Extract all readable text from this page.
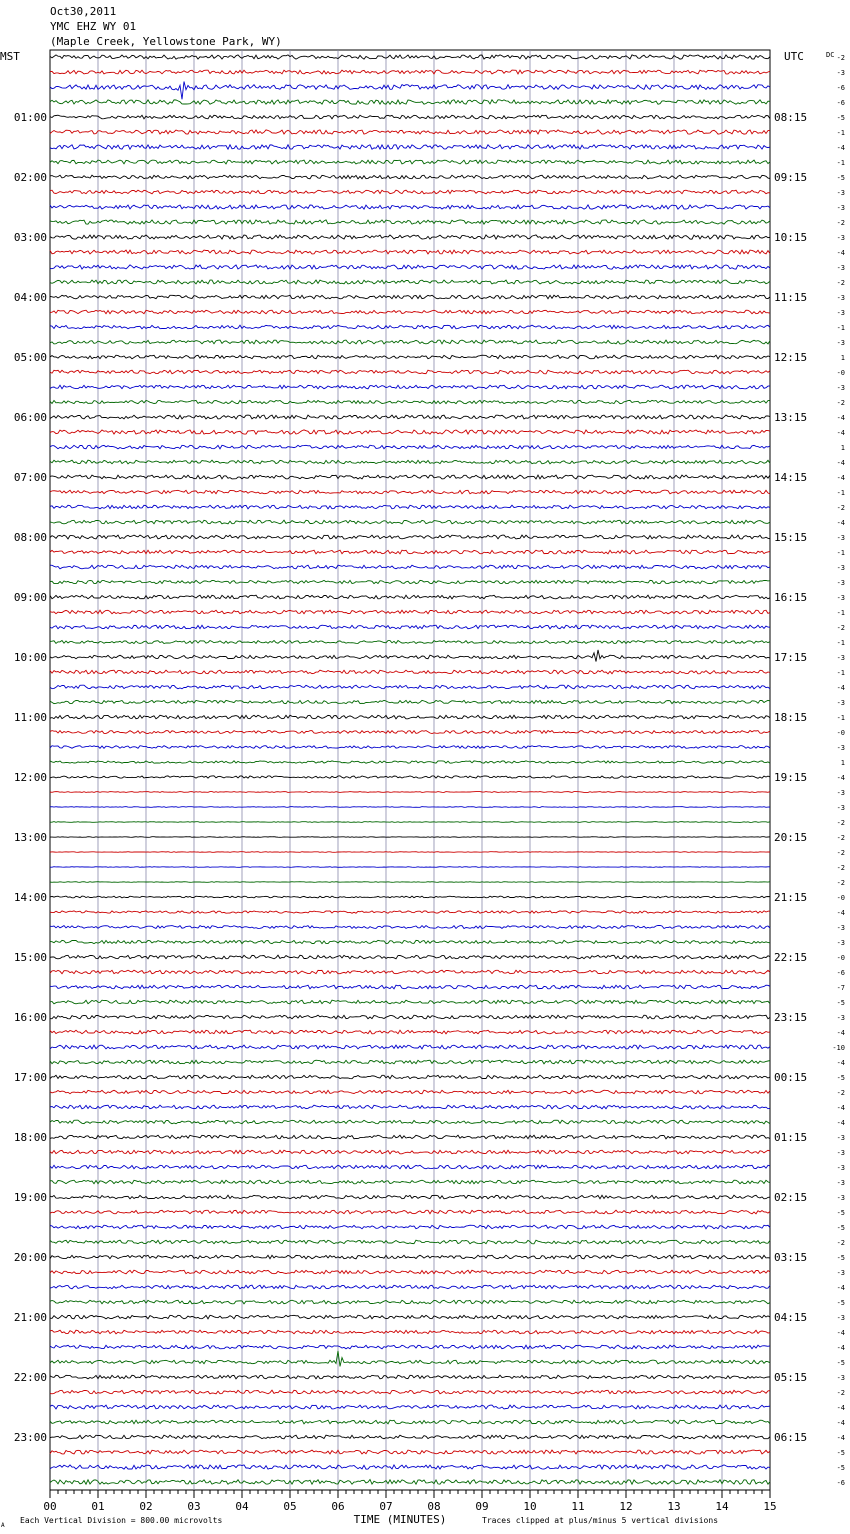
Oct30,2011
YMC EHZ WY 01
(Maple Creek, Yellowstone Park, WY)
-2
-3
-6
-6
-5
-1
-4
-1
-5
-3
-3
-2
-3
-4
-3
-2
-3
-3
-1
-3
1
-0
-3
-2
-4
-4
1
-4
-4
-1
-2
-4
-3
-1
-3
-3
-3
-1
-2
-1
-3
-1
-4
-3
-1
-0
-3
1
-4
-3
-3
-2
-2
-2
-2
-2
-0
-4
-3
-3
-0
-6
-7
-5
-3
-4
-10
-4
-5
-2
-4
-4
-3
-3
-3
-3
-3
-5
-5
-2
-5
-3
-4
-5
-3
-4
-4
-5
-3
-2
-4
-4
-4
-5
-5
-6
DC
MST	UTC
01:00
02:00
03:00
04:00
05:00
06:00
07:00
08:00
09:00
10:00
11:00
12:00
13:00
14:00
15:00
16:00
17:00
18:00
19:00
20:00
21:00
22:00
23:00
08:15
09:15
10:15
11:15
12:15
13:15
14:15
15:15
16:15
17:15
18:15
19:15
20:15
21:15
22:15
23:15
00:15
01:15
02:15
03:15
04:15
05:15
06:15
00	01	02	03	04	05	06	07	08	09	10	11	12	13	14	15
TIME (MINUTES)
Each Vertical Division = 800.00 microvolts	Traces clipped at plus/minus 5 vertical divisions
A
